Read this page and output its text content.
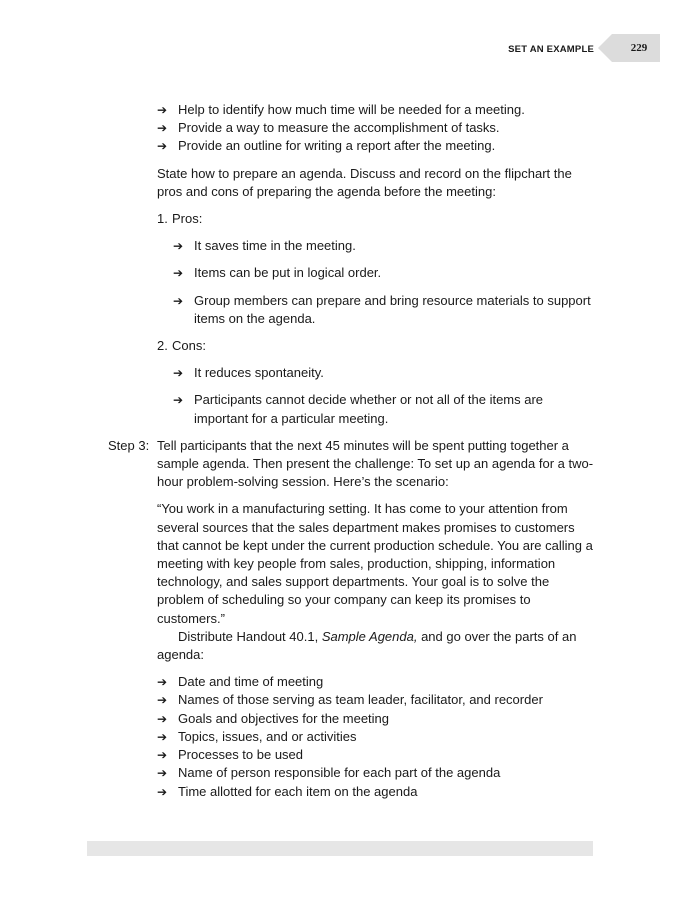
SET AN EXAMPLE	229
➔ Help to identify how much time will be needed for a meeting.
➔ Provide a way to measure the accomplishment of tasks.
➔ Provide an outline for writing a report after the meeting.

State how to prepare an agenda. Discuss and record on the flipchart the pros and cons of preparing the agenda before the meeting:

1. Pros:
➔ It saves time in the meeting.
➔ Items can be put in logical order.
➔ Group members can prepare and bring resource materials to support items on the agenda.
2. Cons:
➔ It reduces spontaneity.
➔ Participants cannot decide whether or not all of the items are important for a particular meeting.
Step 3: Tell participants that the next 45 minutes will be spent putting together a sample agenda. Then present the challenge: To set up an agenda for a two-hour problem-solving session. Here’s the scenario:

“You work in a manufacturing setting. It has come to your attention from several sources that the sales department makes promises to customers that cannot be kept under the current production schedule. You are calling a meeting with key people from sales, production, shipping, information technology, and sales support departments. Your goal is to solve the problem of scheduling so your company can keep its promises to customers.”

Distribute Handout 40.1, Sample Agenda, and go over the parts of an agenda:

➔ Date and time of meeting
➔ Names of those serving as team leader, facilitator, and recorder
➔ Goals and objectives for the meeting
➔ Topics, issues, and or activities
➔ Processes to be used
➔ Name of person responsible for each part of the agenda
➔ Time allotted for each item on the agenda
